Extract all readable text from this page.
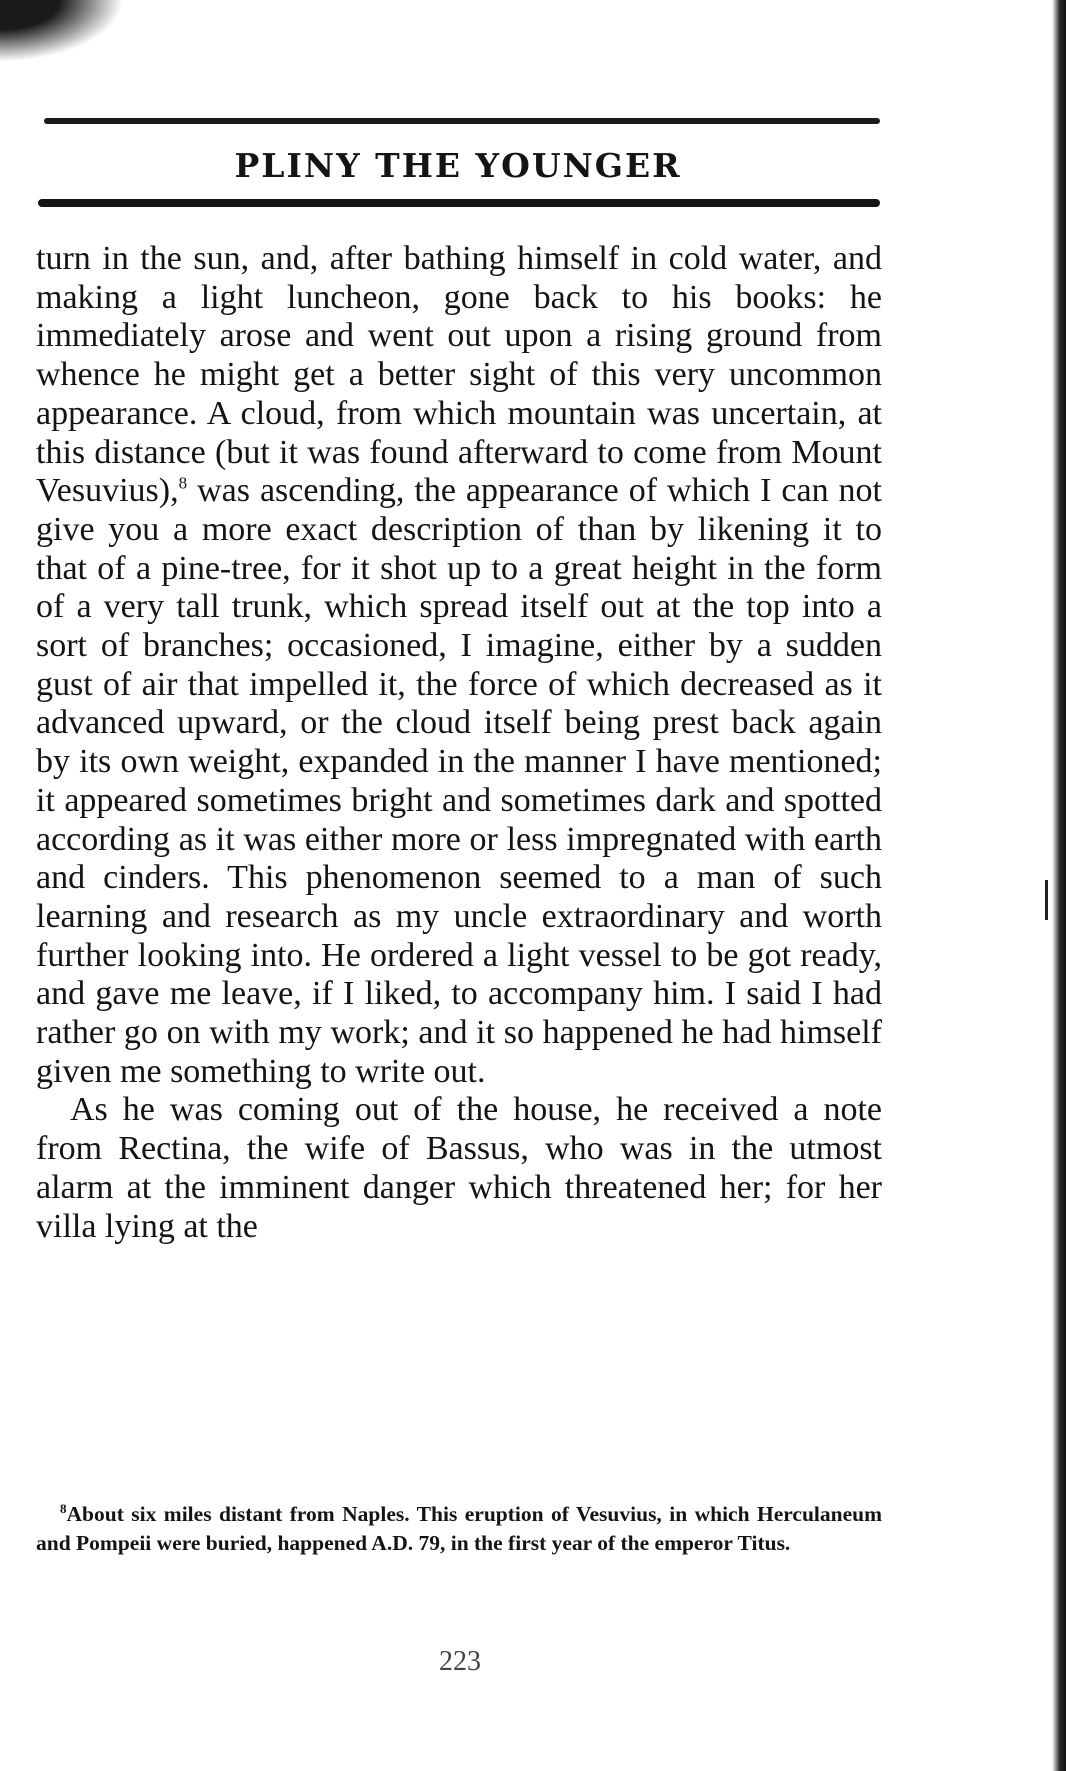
PLINY THE YOUNGER

turn in the sun, and, after bathing himself in cold water, and making a light luncheon, gone back to his books: he immediately arose and went out upon a rising ground from whence he might get a better sight of this very uncommon appearance. A cloud, from which mountain was uncertain, at this distance (but it was found afterward to come from Mount Vesuvius),$^8$ was ascending, the appearance of which I can not give you a more exact description of than by likening it to that of a pine-tree, for it shot up to a great height in the form of a very tall trunk, which spread itself out at the top into a sort of branches; occasioned, I imagine, either by a sudden gust of air that impelled it, the force of which decreased as it advanced upward, or the cloud itself being prest back again by its own weight, expanded in the manner I have mentioned; it appeared sometimes bright and sometimes dark and spotted according as it was either more or less impregnated with earth and cinders. This phenomenon seemed to a man of such learning and research as my uncle extraordinary and worth further looking into. He ordered a light vessel to be got ready, and gave me leave, if I liked, to accompany him. I said I had rather go on with my work; and it so happened he had himself given me something to write out.

As he was coming out of the house, he received a note from Rectina, the wife of Bassus, who was in the utmost alarm at the imminent danger which threatened her; for her villa lying at the

$^8$About six miles distant from Naples. This eruption of Vesuvius, in which Herculaneum and Pompeii were buried, happened A.D. 79, in the first year of the emperor Titus.

223
